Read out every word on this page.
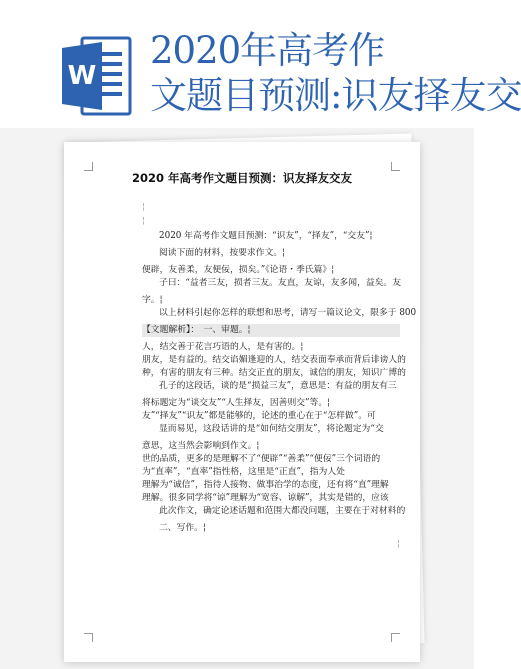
W
2020年高考作
文题目预测:识友择友交
2020 年高考作文题目预测：识友择友交友
¦
¦

2020 年高考作文题目预测：“识友”，“择友”，“交友”¦

阅读下面的材料，按要求作文。¦

便辟，友善柔，友便佞，损矣。”《论语・季氏篇》¦

子曰：“益者三友，损者三友。友直，友谅，友多闻，益矣。友

字。¦

以上材料引起你怎样的联想和思考，请写一篇议论文，限多于 800

【文题解析】：　一、审题。¦

人，结交善于花言巧语的人，是有害的。¦

朋友，是有益的。结交谄媚逢迎的人，结交表面奉承而背后诽谤人的

种，有害的朋友有三种。结交正直的朋友，诚信的朋友，知识广博的

孔子的这段话，谈的是“损益三友”，意思是：有益的朋友有三

将标题定为“谈交友”“人生择友，因善则交”等。¦

友”“择友”“识友”都是能够的，论述的重心在于“怎样做”。可

显而易见，这段话讲的是“如何结交朋友”，将论题定为“交

意思，这当然会影响到作文。¦

世的品质，更多的是理解不了“便辟”“善柔”“便佞”三个词语的

为“直率”，“直率”指性格，这里是“正直”，指为人处

理解为“诚信”，指待人接物、做事治学的态度，还有将“直”理解

理解。很多同学将“谅”理解为“宽容、谅解”，其实是错的，应该

此次作文，确定论述话题和范围大都没问题，主要在于对材料的

二、写作。¦

¦
